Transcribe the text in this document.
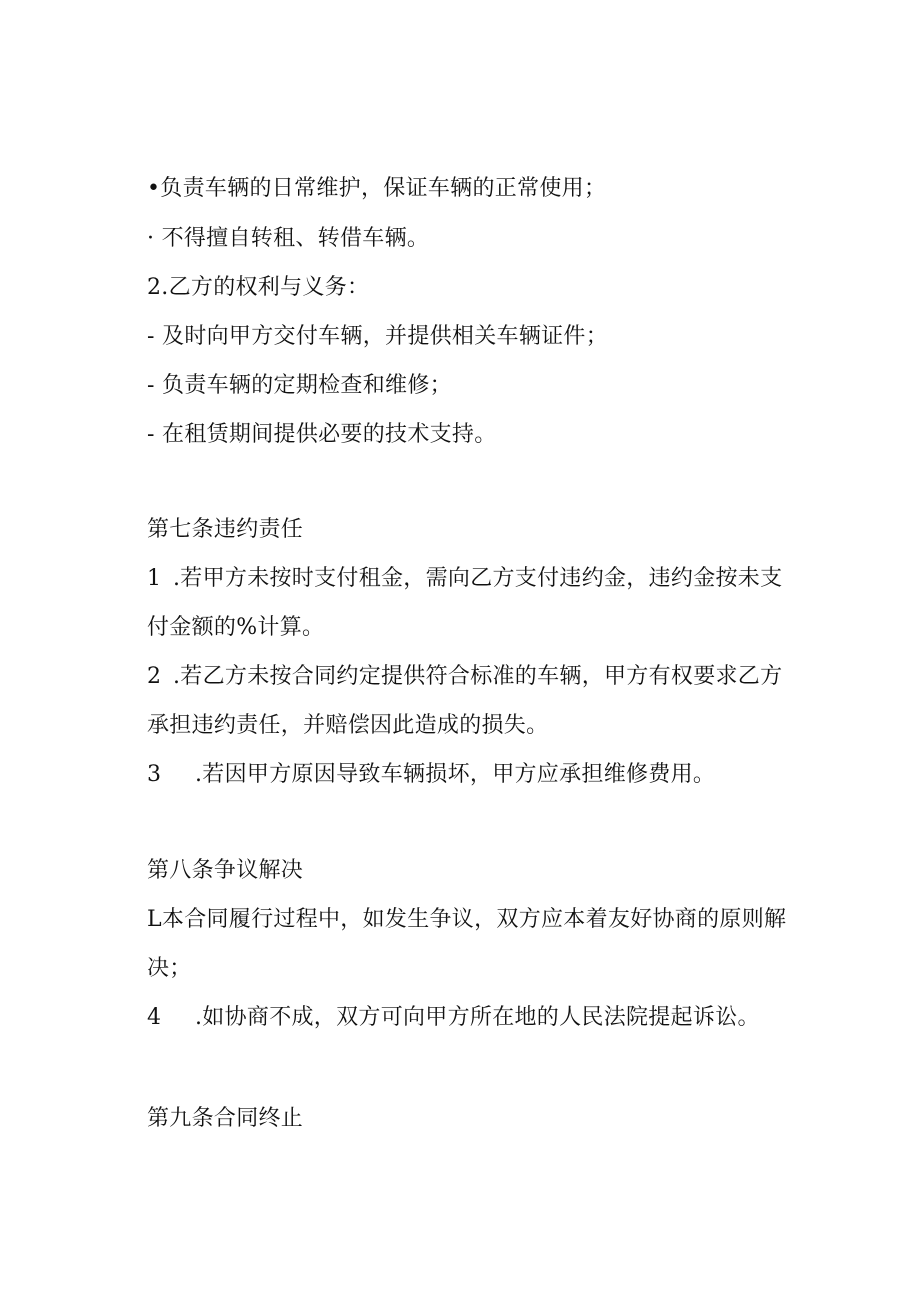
•负责车辆的日常维护，保证车辆的正常使用；
· 不得擅自转租、转借车辆。
2.乙方的权利与义务：
- 及时向甲方交付车辆，并提供相关车辆证件；
- 负责车辆的定期检查和维修；
- 在租赁期间提供必要的技术支持。
第七条违约责任
1 .若甲方未按时支付租金，需向乙方支付违约金，违约金按未支
付金额的%计算。
2 .若乙方未按合同约定提供符合标准的车辆，甲方有权要求乙方
承担违约责任，并赔偿因此造成的损失。
3 .若因甲方原因导致车辆损坏，甲方应承担维修费用。
第八条争议解决
L本合同履行过程中，如发生争议，双方应本着友好协商的原则解
决；
4 .如协商不成，双方可向甲方所在地的人民法院提起诉讼。
第九条合同终止
